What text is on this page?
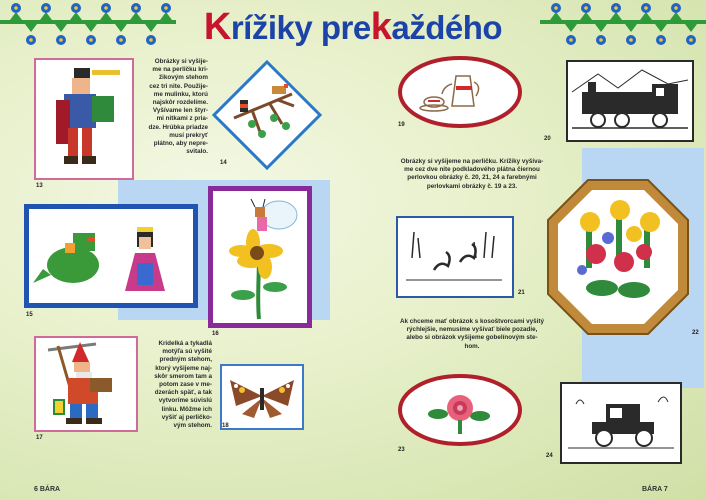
Krížiky prekaždého
13
Obrázky si vyšije-
me na perličku kri-
žikovým stehom
cez tri nite. Použije-
me mulinku, ktorú
najskôr rozdelíme.
Vyšívame len štyr-
mi nitkami z pria-
dze. Hrúbka priadze
musí prekryť
plátno, aby nepre-
svitalo.
14
15
16
17
Kridelká a tykadlá
motýľa sú vyšité
predným stehom,
ktorý vyšijeme naj-
skôr smerom tam a
potom zase v me-
dzerách späť, a tak
vytvoríme súvislú
linku. Môžme ich
vyšiť aj perličko-
vým stehom. 18
6 BÁRA
19
20
Obrázky si vyšijeme na perličku. Krížiky vyšíva-
me cez dve nite podkladového plátna čiernou
perlovkou obrázky č. 20, 21, 24 a farebnými
perlovkami obrázky č. 19 a 23.
21
22
Ak chceme mať obrázok s kosoštvorcami vyšitý
rýchlejšie, nemusíme vyšívať biele pozadie,
alebo si obrázok vyšijeme gobelínovým ste-
hom.
23
24
BÁRA 7
